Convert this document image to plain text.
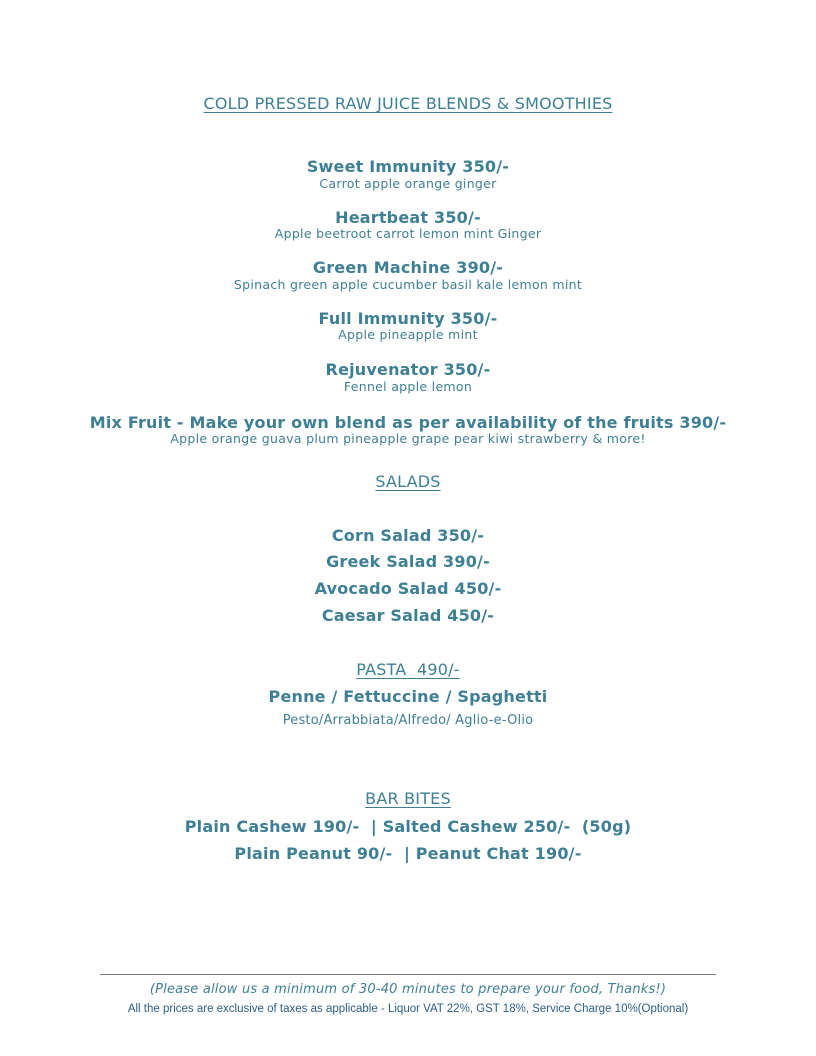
COLD PRESSED RAW JUICE BLENDS & SMOOTHIES
Sweet Immunity 350/-
Carrot apple orange ginger
Heartbeat 350/-
Apple beetroot carrot lemon mint Ginger
Green Machine 390/-
Spinach green apple cucumber basil kale lemon mint
Full Immunity 350/-
Apple pineapple mint
Rejuvenator 350/-
Fennel apple lemon
Mix Fruit - Make your own blend as per availability of the fruits 390/-
Apple orange guava plum pineapple grape pear kiwi strawberry & more!
SALADS
Corn Salad 350/-
Greek Salad 390/-
Avocado Salad 450/-
Caesar Salad 450/-
PASTA  490/-
Penne / Fettuccine / Spaghetti
Pesto/Arrabbiata/Alfredo/ Aglio-e-Olio
BAR BITES
Plain Cashew 190/-  | Salted Cashew 250/-  (50g)
Plain Peanut 90/-  | Peanut Chat 190/-
(Please allow us a minimum of 30-40 minutes to prepare your food, Thanks!)
All the prices are exclusive of taxes as applicable - Liquor VAT 22%, GST 18%, Service Charge 10%(Optional)
